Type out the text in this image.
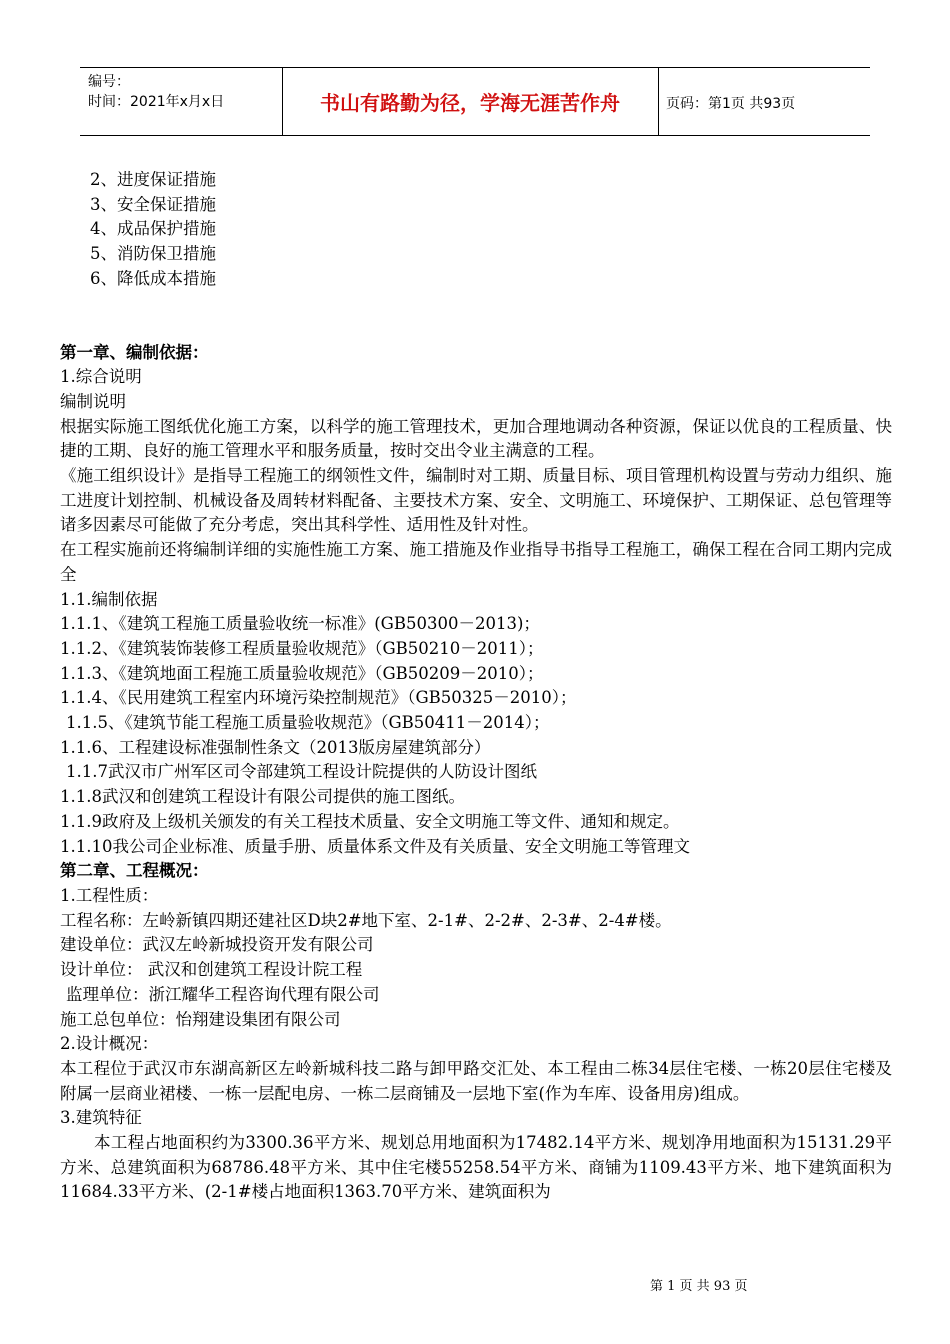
编号：
时间：2021年x月x日	书山有路勤为径，学海无涯苦作舟	页码：第1页 共93页

2、进度保证措施

3、安全保证措施

4、成品保护措施

5、消防保卫措施

6、降低成本措施

第一章、编制依据：

1.综合说明

编制说明

根据实际施工图纸优化施工方案，以科学的施工管理技术，更加合理地调动各种资源，保证以优良的工程质量、快捷的工期、良好的施工管理水平和服务质量，按时交出令业主满意的工程。

《施工组织设计》是指导工程施工的纲领性文件，编制时对工期、质量目标、项目管理机构设置与劳动力组织、施工进度计划控制、机械设备及周转材料配备、主要技术方案、安全、文明施工、环境保护、工期保证、总包管理等诸多因素尽可能做了充分考虑，突出其科学性、适用性及针对性。

在工程实施前还将编制详细的实施性施工方案、施工措施及作业指导书指导工程施工，确保工程在合同工期内完成全

1.1.编制依据

1.1.1、《建筑工程施工质量验收统一标准》(GB50300－2013)；

1.1.2、《建筑装饰装修工程质量验收规范》（GB50210－2011）；

1.1.3、《建筑地面工程施工质量验收规范》（GB50209－2010）；

1.1.4、《民用建筑工程室内环境污染控制规范》（GB50325－2010）；

1.1.5、《建筑节能工程施工质量验收规范》（GB50411－2014）；

1.1.6、工程建设标准强制性条文（2013版房屋建筑部分）

1.1.7武汉市广州军区司令部建筑工程设计院提供的人防设计图纸

1.1.8武汉和创建筑工程设计有限公司提供的施工图纸。

1.1.9政府及上级机关颁发的有关工程技术质量、安全文明施工等文件、通知和规定。

1.1.10我公司企业标准、质量手册、质量体系文件及有关质量、安全文明施工等管理文

第二章、工程概况：

1.工程性质：

工程名称：左岭新镇四期还建社区D块2#地下室、2-1#、2-2#、2-3#、2-4#楼。

建设单位：武汉左岭新城投资开发有限公司

设计单位： 武汉和创建筑工程设计院工程

监理单位：浙江耀华工程咨询代理有限公司

施工总包单位：怡翔建设集团有限公司

2.设计概况：

本工程位于武汉市东湖高新区左岭新城科技二路与卸甲路交汇处、本工程由二栋34层住宅楼、一栋20层住宅楼及附属一层商业裙楼、一栋一层配电房、一栋二层商铺及一层地下室(作为车库、设备用房)组成。

3.建筑特征

本工程占地面积约为3300.36平方米、规划总用地面积为17482.14平方米、规划净用地面积为15131.29平方米、总建筑面积为68786.48平方米、其中住宅楼55258.54平方米、商铺为1109.43平方米、地下建筑面积为11684.33平方米、(2-1#楼占地面积1363.70平方米、建筑面积为

第 1 页 共 93 页
